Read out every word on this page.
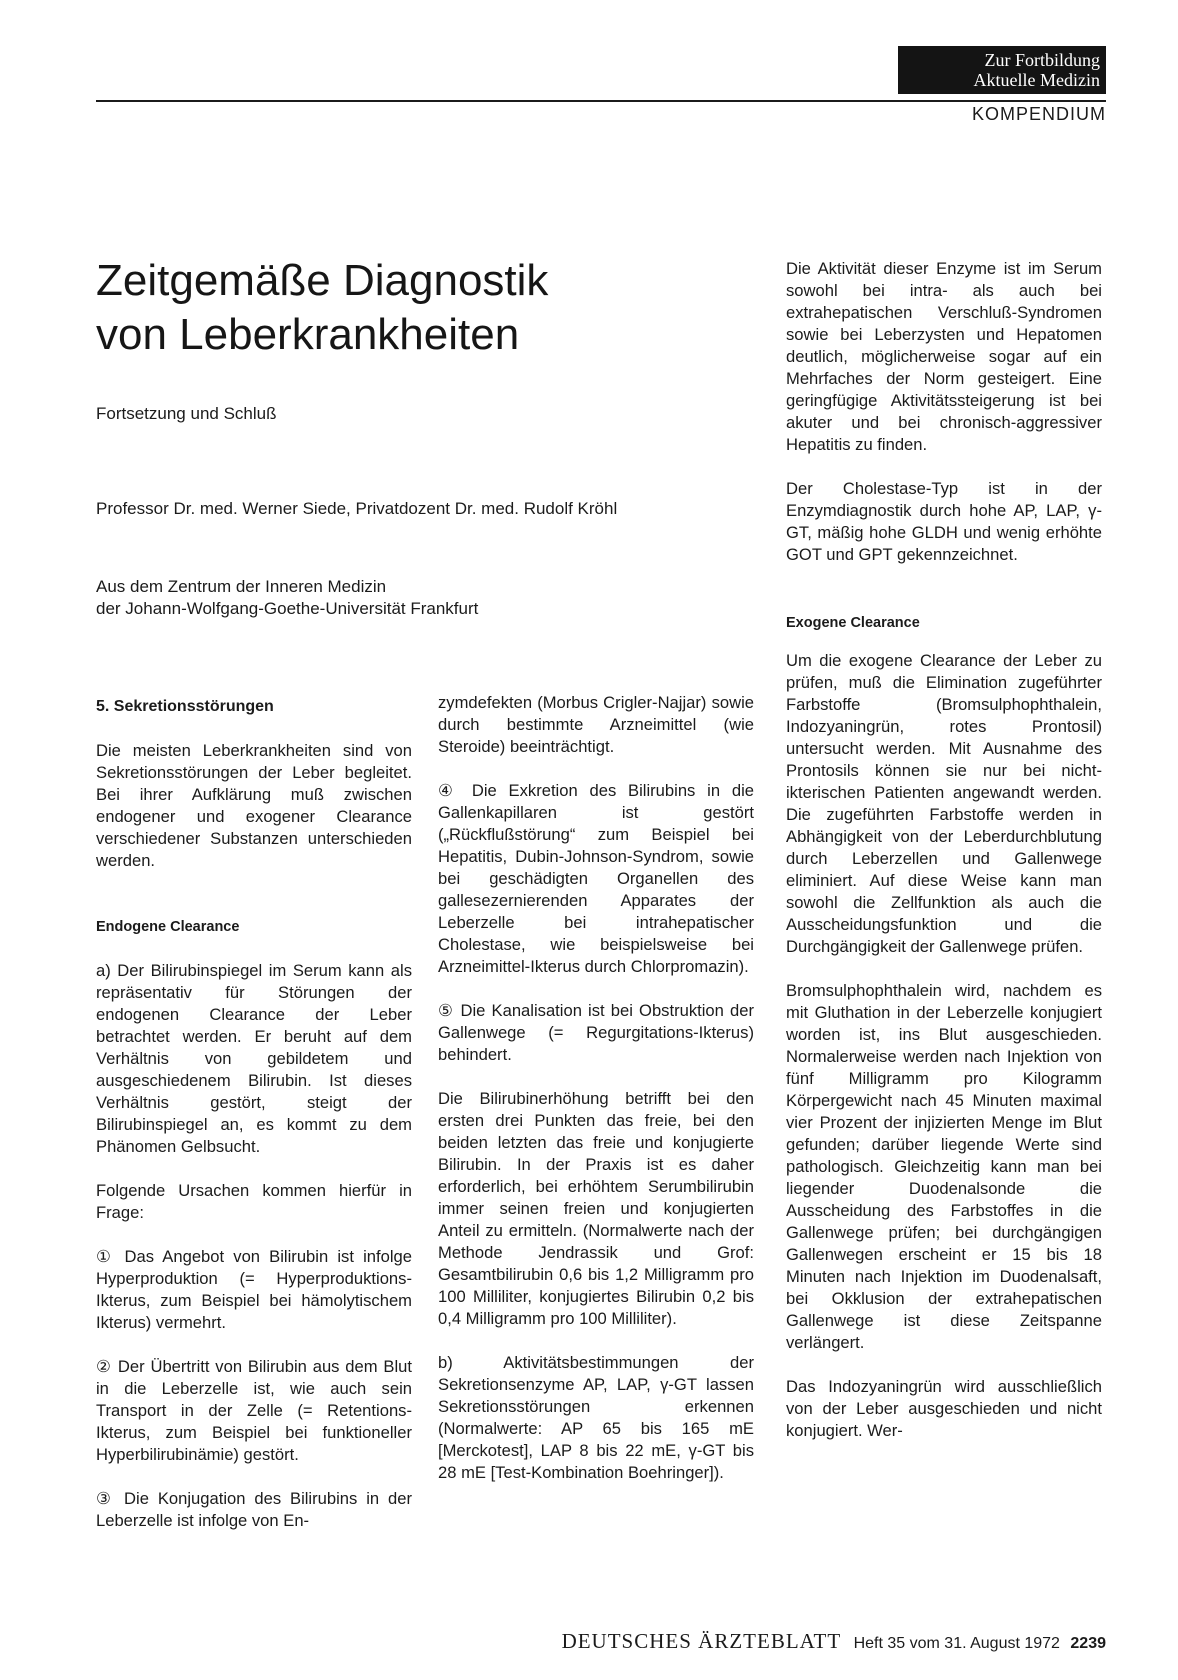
Zur Fortbildung
Aktuelle Medizin
KOMPENDIUM
Zeitgemäße Diagnostik
von Leberkrankheiten
Fortsetzung und Schluß
Professor Dr. med. Werner Siede, Privatdozent Dr. med. Rudolf Kröhl
Aus dem Zentrum der Inneren Medizin
der Johann-Wolfgang-Goethe-Universität Frankfurt
5. Sekretionsstörungen

Die meisten Leberkrankheiten sind von Sekretionsstörungen der Leber begleitet. Bei ihrer Aufklärung muß zwischen endogener und exogener Clearance verschiedener Substanzen unterschieden werden.

Endogene Clearance

a) Der Bilirubinspiegel im Serum kann als repräsentativ für Störungen der endogenen Clearance der Leber betrachtet werden. Er beruht auf dem Verhältnis von gebildetem und ausgeschiedenem Bilirubin. Ist dieses Verhältnis gestört, steigt der Bilirubinspiegel an, es kommt zu dem Phänomen Gelbsucht.

Folgende Ursachen kommen hierfür in Frage:

① Das Angebot von Bilirubin ist infolge Hyperproduktion (= Hyperproduktions-Ikterus, zum Beispiel bei hämolytischem Ikterus) vermehrt.

② Der Übertritt von Bilirubin aus dem Blut in die Leberzelle ist, wie auch sein Transport in der Zelle (= Retentions-Ikterus, zum Beispiel bei funktioneller Hyperbilirubinämie) gestört.

③ Die Konjugation des Bilirubins in der Leberzelle ist infolge von En-

zymdefekten (Morbus Crigler-Najjar) sowie durch bestimmte Arzneimittel (wie Steroide) beeinträchtigt.

④ Die Exkretion des Bilirubins in die Gallenkapillaren ist gestört („Rückflußstörung“ zum Beispiel bei Hepatitis, Dubin-Johnson-Syndrom, sowie bei geschädigten Organellen des gallesezernierenden Apparates der Leberzelle bei intrahepatischer Cholestase, wie beispielsweise bei Arzneimittel-Ikterus durch Chlorpromazin).

⑤ Die Kanalisation ist bei Obstruktion der Gallenwege (= Regurgitations-Ikterus) behindert.

Die Bilirubinerhöhung betrifft bei den ersten drei Punkten das freie, bei den beiden letzten das freie und konjugierte Bilirubin. In der Praxis ist es daher erforderlich, bei erhöhtem Serumbilirubin immer seinen freien und konjugierten Anteil zu ermitteln. (Normalwerte nach der Methode Jendrassik und Grof: Gesamtbilirubin 0,6 bis 1,2 Milligramm pro 100 Milliliter, konjugiertes Bilirubin 0,2 bis 0,4 Milligramm pro 100 Milliliter).

b) Aktivitätsbestimmungen der Sekretionsenzyme AP, LAP, γ-GT lassen Sekretionsstörungen erkennen (Normalwerte: AP 65 bis 165 mE [Merckotest], LAP 8 bis 22 mE, γ-GT bis 28 mE [Test-Kombination Boehringer]).

Die Aktivität dieser Enzyme ist im Serum sowohl bei intra- als auch bei extrahepatischen Verschluß-Syndromen sowie bei Leberzysten und Hepatomen deutlich, möglicherweise sogar auf ein Mehrfaches der Norm gesteigert. Eine geringfügige Aktivitätssteigerung ist bei akuter und bei chronisch-aggressiver Hepatitis zu finden.

Der Cholestase-Typ ist in der Enzymdiagnostik durch hohe AP, LAP, γ-GT, mäßig hohe GLDH und wenig erhöhte GOT und GPT gekennzeichnet.

Um die exogene Clearance der Leber zu prüfen, muß die Elimination zugeführter Farbstoffe (Bromsulphophthalein, Indozyaningrün, rotes Prontosil) untersucht werden. Mit Ausnahme des Prontosils können sie nur bei nicht-ikterischen Patienten angewandt werden. Die zugeführten Farbstoffe werden in Abhängigkeit von der Leberdurchblutung durch Leberzellen und Gallenwege eliminiert. Auf diese Weise kann man sowohl die Zellfunktion als auch die Ausscheidungsfunktion und die Durchgängigkeit der Gallenwege prüfen.

Bromsulphophthalein wird, nachdem es mit Gluthation in der Leberzelle konjugiert worden ist, ins Blut ausgeschieden. Normalerweise werden nach Injektion von fünf Milligramm pro Kilogramm Körpergewicht nach 45 Minuten maximal vier Prozent der injizierten Menge im Blut gefunden; darüber liegende Werte sind pathologisch. Gleichzeitig kann man bei liegender Duodenalsonde die Ausscheidung des Farbstoffes in die Gallenwege prüfen; bei durchgängigen Gallenwegen erscheint er 15 bis 18 Minuten nach Injektion im Duodenalsaft, bei Okklusion der extrahepatischen Gallenwege ist diese Zeitspanne verlängert.

Das Indozyaningrün wird ausschließlich von der Leber ausgeschieden und nicht konjugiert. Wer-

Exogene Clearance
DEUTSCHES ÄRZTEBLATT Heft 35 vom 31. August 1972 2239
